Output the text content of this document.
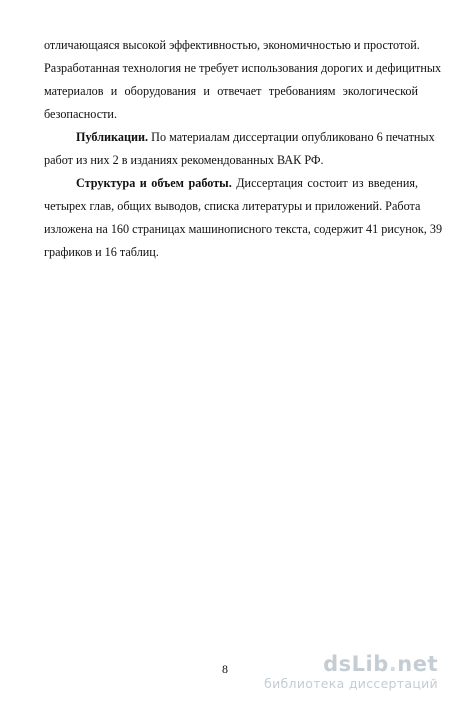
отличающаяся высокой эффективностью, экономичностью и простотой.
Разработанная технология не требует использования дорогих и дефицитных
материалов и оборудования и отвечает требованиям экологической
безопасности.
Публикации. По материалам диссертации опубликовано 6 печатных
работ из них 2 в изданиях рекомендованных ВАК РФ.
Структура и объем работы. Диссертация состоит из введения,
четырех глав, общих выводов, списка литературы и приложений. Работа
изложена на 160 страницах машинописного текста, содержит 41 рисунок, 39
графиков и 16 таблиц.
8	dsLib.net
библиотека диссертаций
